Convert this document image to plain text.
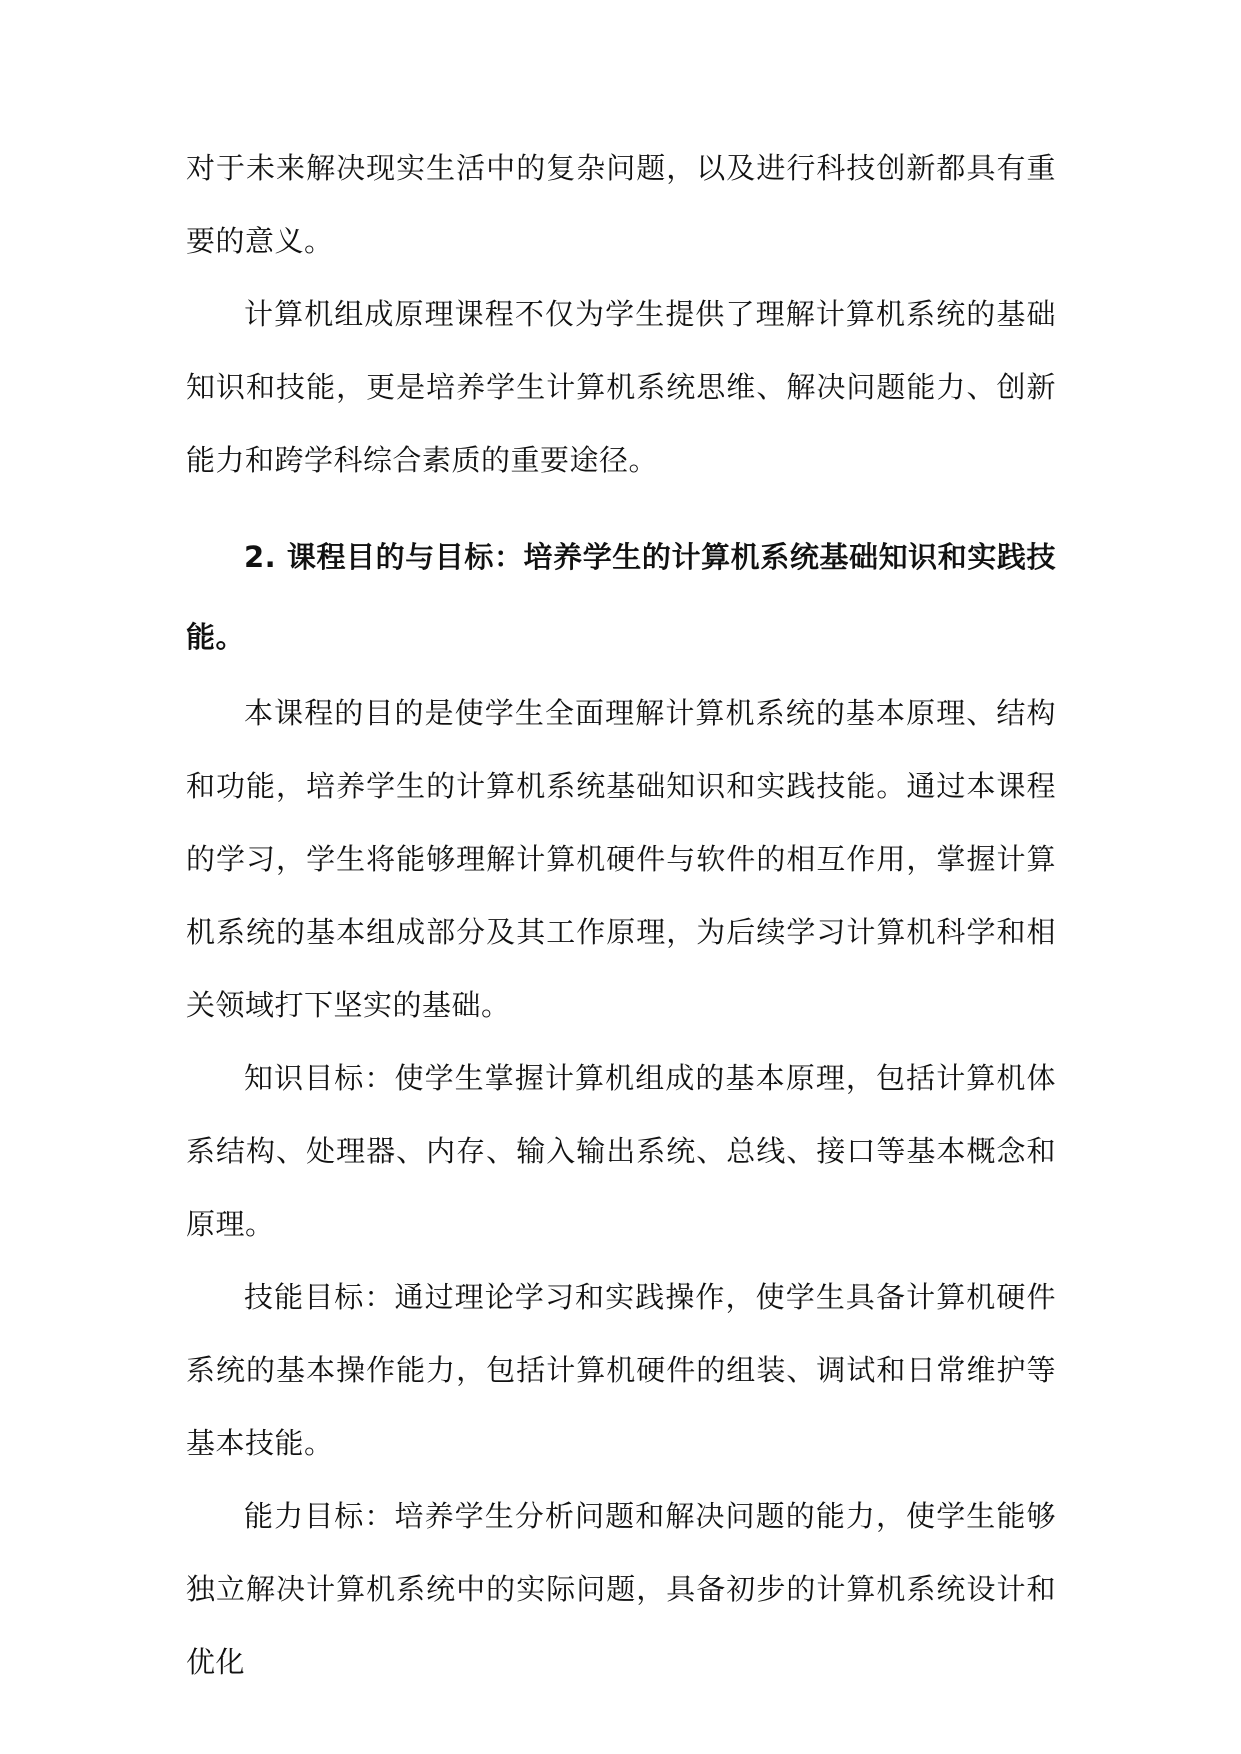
对于未来解决现实生活中的复杂问题，以及进行科技创新都具有重要的意义。

计算机组成原理课程不仅为学生提供了理解计算机系统的基础知识和技能，更是培养学生计算机系统思维、解决问题能力、创新能力和跨学科综合素质的重要途径。

2. 课程目的与目标：培养学生的计算机系统基础知识和实践技能。

本课程的目的是使学生全面理解计算机系统的基本原理、结构和功能，培养学生的计算机系统基础知识和实践技能。通过本课程的学习，学生将能够理解计算机硬件与软件的相互作用，掌握计算机系统的基本组成部分及其工作原理，为后续学习计算机科学和相关领域打下坚实的基础。

知识目标：使学生掌握计算机组成的基本原理，包括计算机体系结构、处理器、内存、输入输出系统、总线、接口等基本概念和原理。

技能目标：通过理论学习和实践操作，使学生具备计算机硬件系统的基本操作能力，包括计算机硬件的组装、调试和日常维护等基本技能。

能力目标：培养学生分析问题和解决问题的能力，使学生能够独立解决计算机系统中的实际问题，具备初步的计算机系统设计和优化
